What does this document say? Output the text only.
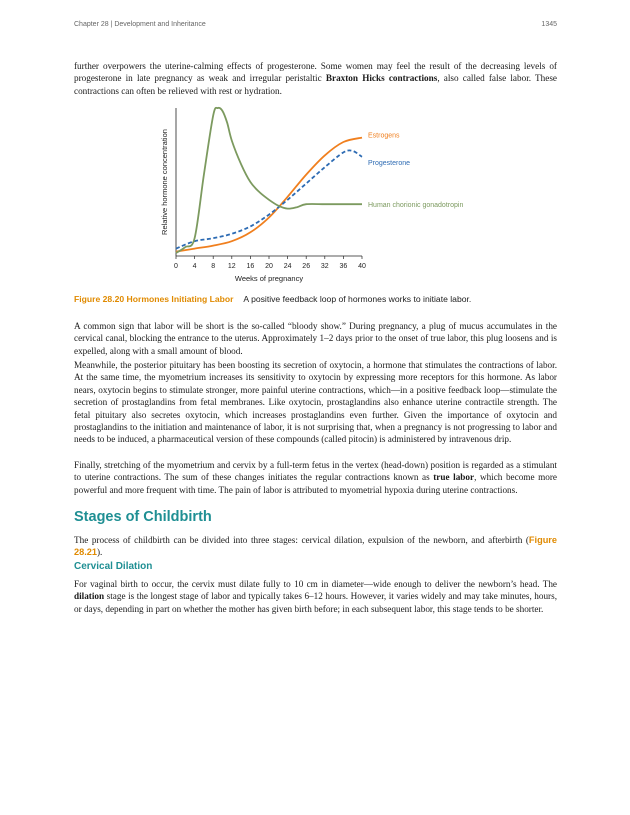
Chapter 28 | Development and Inheritance	1345

further overpowers the uterine-calming effects of progesterone. Some women may feel the result of the decreasing levels of progesterone in late pregnancy as weak and irregular peristaltic Braxton Hicks contractions, also called false labor. These contractions can often be relieved with rest or hydration.

0 4 8 12 16 20 24 26 32 36 40
Weeks of pregnancy
Relative hormone concentration	Estrogens
Progesterone
Human chorionic gonadotropin
Figure 28.20 Hormones Initiating Labor A positive feedback loop of hormones works to initiate labor.

A common sign that labor will be short is the so-called “bloody show.” During pregnancy, a plug of mucus accumulates in the cervical canal, blocking the entrance to the uterus. Approximately 1–2 days prior to the onset of true labor, this plug loosens and is expelled, along with a small amount of blood.

Meanwhile, the posterior pituitary has been boosting its secretion of oxytocin, a hormone that stimulates the contractions of labor. At the same time, the myometrium increases its sensitivity to oxytocin by expressing more receptors for this hormone. As labor nears, oxytocin begins to stimulate stronger, more painful uterine contractions, which—in a positive feedback loop—stimulate the secretion of prostaglandins from fetal membranes. Like oxytocin, prostaglandins also enhance uterine contractile strength. The fetal pituitary also secretes oxytocin, which increases prostaglandins even further. Given the importance of oxytocin and prostaglandins to the initiation and maintenance of labor, it is not surprising that, when a pregnancy is not progressing to labor and needs to be induced, a pharmaceutical version of these compounds (called pitocin) is administered by intravenous drip.

Finally, stretching of the myometrium and cervix by a full-term fetus in the vertex (head-down) position is regarded as a stimulant to uterine contractions. The sum of these changes initiates the regular contractions known as true labor, which become more powerful and more frequent with time. The pain of labor is attributed to myometrial hypoxia during uterine contractions.

Stages of Childbirth

The process of childbirth can be divided into three stages: cervical dilation, expulsion of the newborn, and afterbirth (Figure 28.21).

Cervical Dilation

For vaginal birth to occur, the cervix must dilate fully to 10 cm in diameter—wide enough to deliver the newborn’s head. The dilation stage is the longest stage of labor and typically takes 6–12 hours. However, it varies widely and may take minutes, hours, or days, depending in part on whether the mother has given birth before; in each subsequent labor, this stage tends to be shorter.
